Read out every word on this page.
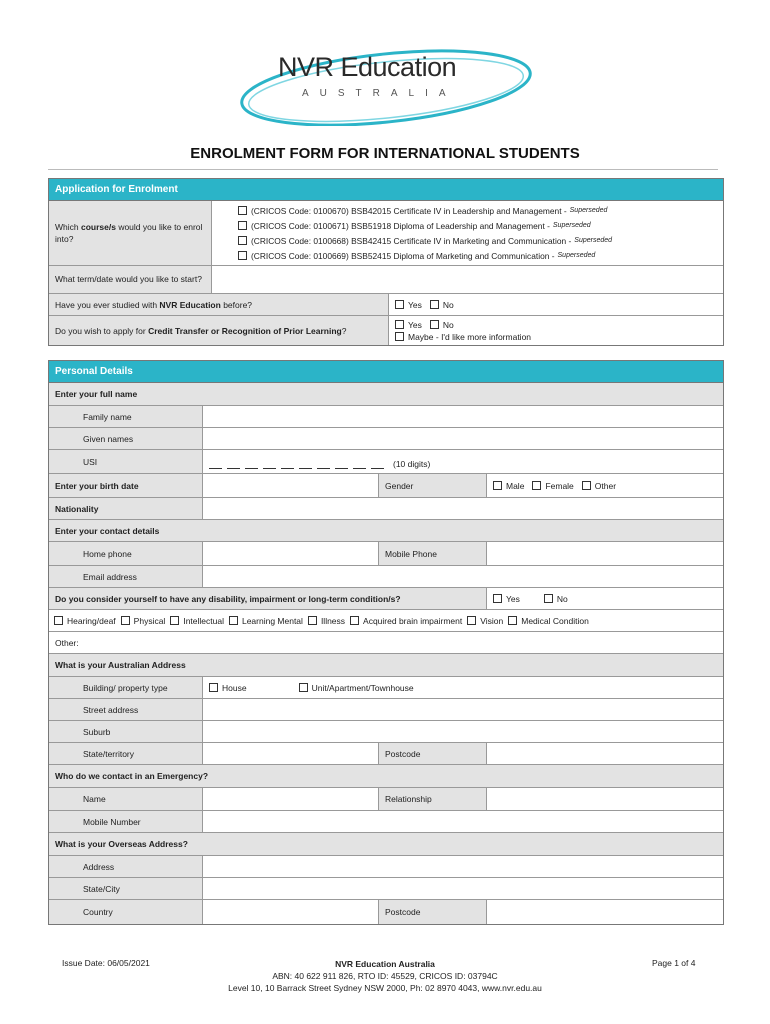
NVR Education
AUSTRALIA
ENROLMENT FORM FOR INTERNATIONAL STUDENTS
Application for Enrolment
Which course/s would you like to enrol into?
(CRICOS Code: 0100670) BSB42015 Certificate IV in Leadership and Management - Superseded
(CRICOS Code: 0100671) BSB51918 Diploma of Leadership and Management - Superseded
(CRICOS Code: 0100668) BSB42415 Certificate IV in Marketing and Communication - Superseded
(CRICOS Code: 0100669) BSB52415 Diploma of Marketing and Communication - Superseded
What term/date would you like to start?
Have you ever studied with NVR Education before?	Yes No
Do you wish to apply for Credit Transfer or Recognition of Prior Learning?
Yes No
Maybe - I'd like more information
Personal Details
Enter your full name
Family name
Given names
USI	(10 digits)
Enter your birth date	Gender	Male Female Other
Nationality
Enter your contact details
Home phone	Mobile Phone
Email address
Do you consider yourself to have any disability, impairment or long-term condition/s?	Yes	No
Hearing/deaf Physical Intellectual Learning Mental Illness Acquired brain impairment Vision Medical Condition
Other:
What is your Australian Address
Building/ property type	House	Unit/Apartment/Townhouse
Street address
Suburb
State/territory	Postcode
Who do we contact in an Emergency?
Name	Relationship
Mobile Number
What is your Overseas Address?
Address
State/City
Country	Postcode
Issue Date: 06/05/2021	NVR Education Australia
ABN: 40 622 911 826, RTO ID: 45529, CRICOS ID: 03794C
Level 10, 10 Barrack Street Sydney NSW 2000, Ph: 02 8970 4043, www.nvr.edu.au
Page 1 of 4
